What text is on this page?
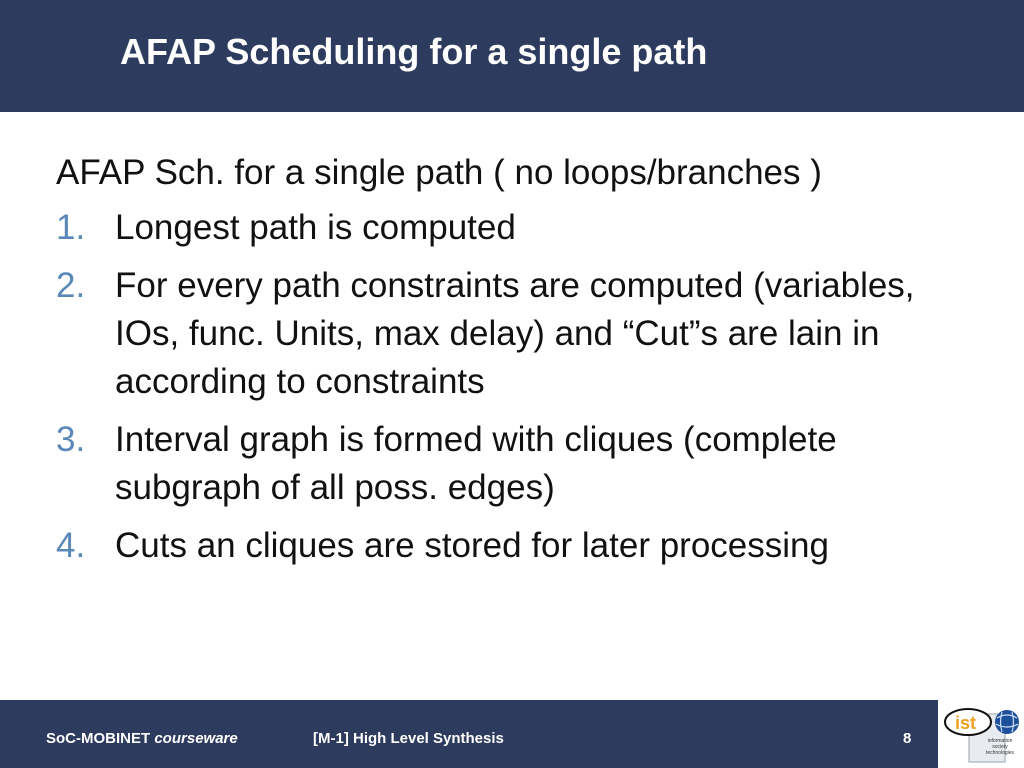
AFAP Scheduling for a single path

AFAP Sch. for a single path ( no loops/branches )

1. Longest path is computed
2. For every path constraints are computed (variables, IOs, func. Units, max delay) and “Cut”s are lain in according to constraints
3. Interval graph is formed with cliques (complete subgraph of all poss. edges)
4. Cuts an cliques are stored for later processing
SoC-MOBINET courseware	[M-1] High Level Synthesis	8
ist
information
society
technologies
